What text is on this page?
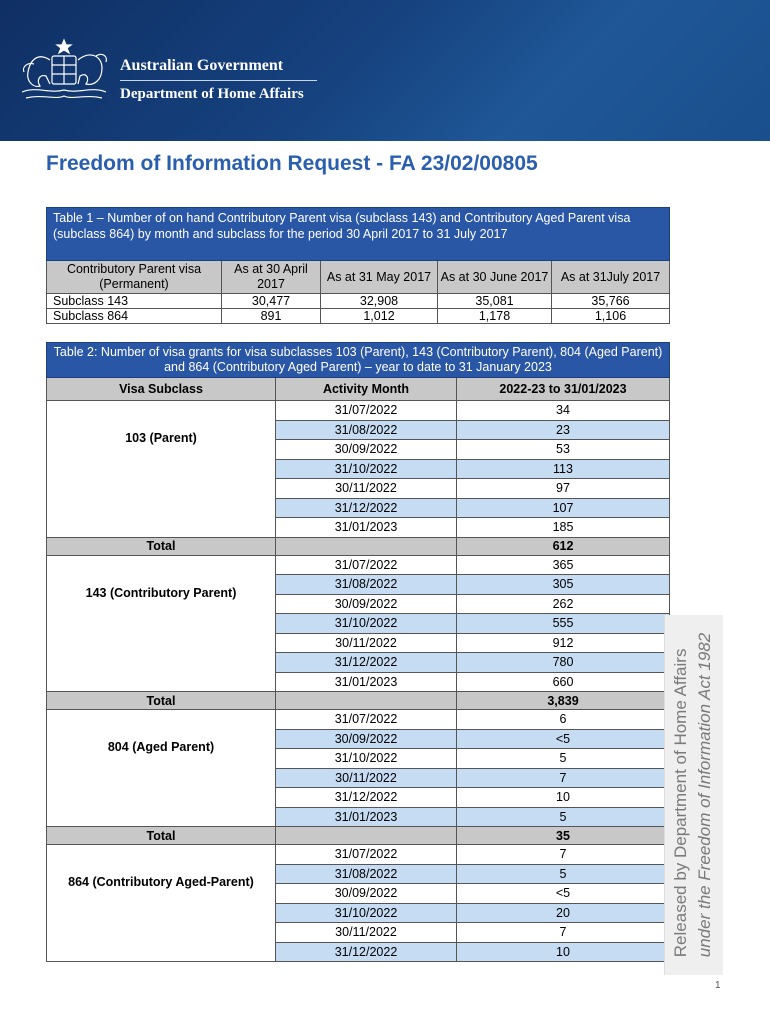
Australian Government
Department of Home Affairs
Freedom of Information Request - FA 23/02/00805
Table 1 – Number of on hand Contributory Parent visa (subclass 143) and Contributory Aged Parent visa (subclass 864) by month and subclass for the period 30 April 2017 to 31 July 2017				
Contributory Parent visa (Permanent)	As at 30 April 2017	As at 31 May 2017	As at 30 June 2017	As at 31July 2017
Subclass 143	30,477	32,908	35,081	35,766
Subclass 864	891	1,012	1,178	1,106
Table 2: Number of visa grants for visa subclasses 103 (Parent), 143 (Contributory Parent), 804 (Aged Parent) and 864 (Contributory Aged Parent) – year to date to 31 January 2023		
Visa Subclass	Activity Month	2022-23 to 31/01/2023
103 (Parent)	31/07/2022	34
	31/08/2022	23
	30/09/2022	53
	31/10/2022	113
	30/11/2022	97
	31/12/2022	107
	31/01/2023	185
Total		612
143 (Contributory Parent)	31/07/2022	365
	31/08/2022	305
	30/09/2022	262
	31/10/2022	555
	30/11/2022	912
	31/12/2022	780
	31/01/2023	660
Total		3,839
804 (Aged Parent)	31/07/2022	6
	30/09/2022	<5
	31/10/2022	5
	30/11/2022	7
	31/12/2022	10
	31/01/2023	5
Total		35
864 (Contributory Aged-Parent)	31/07/2022	7
	31/08/2022	5
	30/09/2022	<5
	31/10/2022	20
	30/11/2022	7
	31/12/2022	10	Released by Department of Home Affairs under the Freedom of Information Act 1982
1
